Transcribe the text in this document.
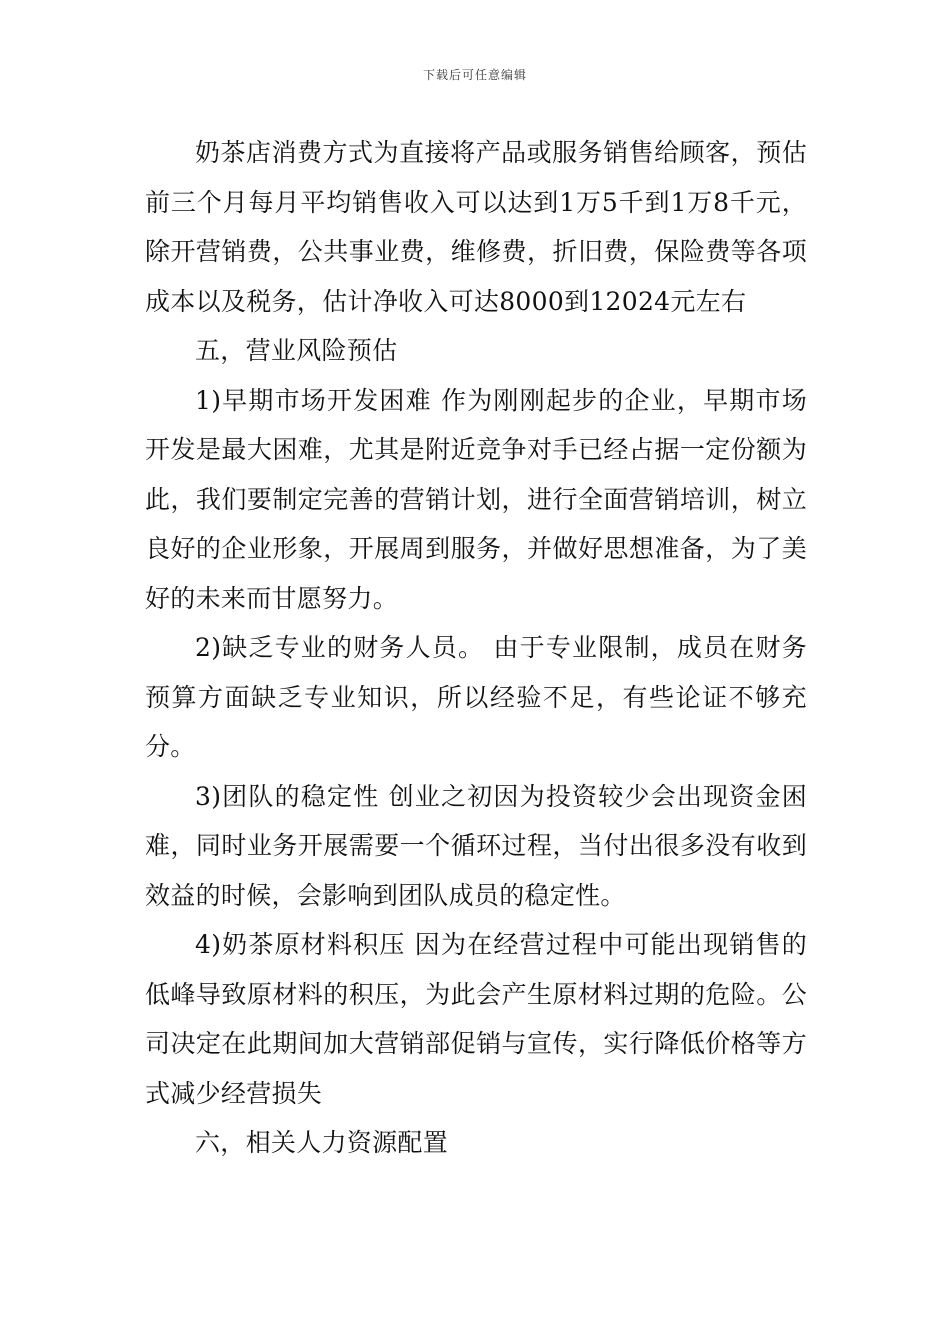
下载后可任意编辑

奶茶店消费方式为直接将产品或服务销售给顾客，预估前三个月每月平均销售收入可以达到1万5千到1万8千元，除开营销费，公共事业费，维修费，折旧费，保险费等各项成本以及税务，估计净收入可达8000到12024元左右

五，营业风险预估

1)早期市场开发困难 作为刚刚起步的企业，早期市场开发是最大困难，尤其是附近竞争对手已经占据一定份额为此，我们要制定完善的营销计划，进行全面营销培训，树立良好的企业形象，开展周到服务，并做好思想准备，为了美好的未来而甘愿努力。

2)缺乏专业的财务人员。 由于专业限制，成员在财务预算方面缺乏专业知识，所以经验不足，有些论证不够充分。

3)团队的稳定性 创业之初因为投资较少会出现资金困难，同时业务开展需要一个循环过程，当付出很多没有收到效益的时候，会影响到团队成员的稳定性。

4)奶茶原材料积压 因为在经营过程中可能出现销售的低峰导致原材料的积压，为此会产生原材料过期的危险。公司决定在此期间加大营销部促销与宣传，实行降低价格等方式减少经营损失

六，相关人力资源配置
